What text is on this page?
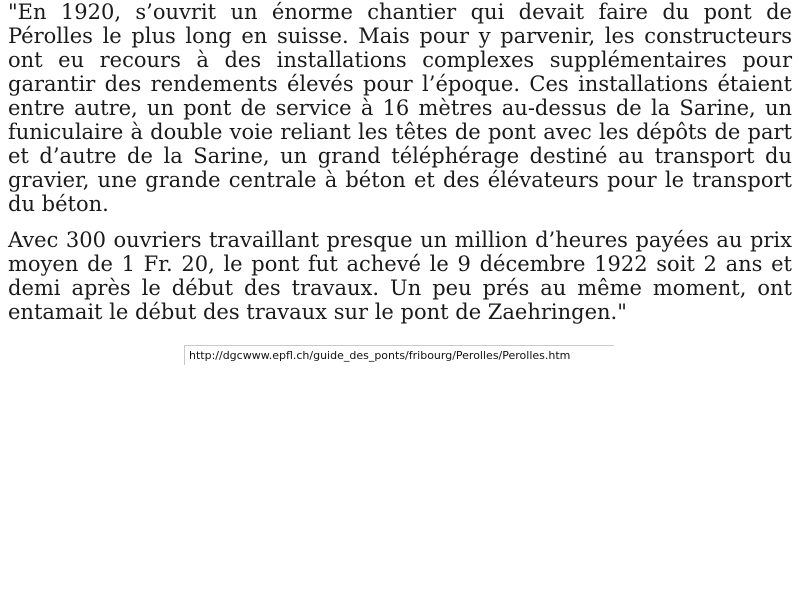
"En 1920, s’ouvrit un énorme chantier qui devait faire du pont de Pérolles le plus long en suisse. Mais pour y parvenir, les constructeurs ont eu recours à des installations complexes supplémentaires pour garantir des rendements élevés pour l’époque. Ces installations étaient entre autre, un pont de service à 16 mètres au-dessus de la Sarine, un funiculaire à double voie reliant les têtes de pont avec les dépôts de part et d’autre de la Sarine, un grand téléphérage destiné au transport du gravier, une grande centrale à béton et des élévateurs pour le transport du béton.

Avec 300 ouvriers travaillant presque un million d’heures payées au prix moyen de 1 Fr. 20, le pont fut achevé le 9 décembre 1922 soit 2 ans et demi après le début des travaux. Un peu prés au même moment, ont entamait le début des travaux sur le pont de Zaehringen."

http://dgcwww.epfl.ch/guide_des_ponts/fribourg/Perolles/Perolles.htm
